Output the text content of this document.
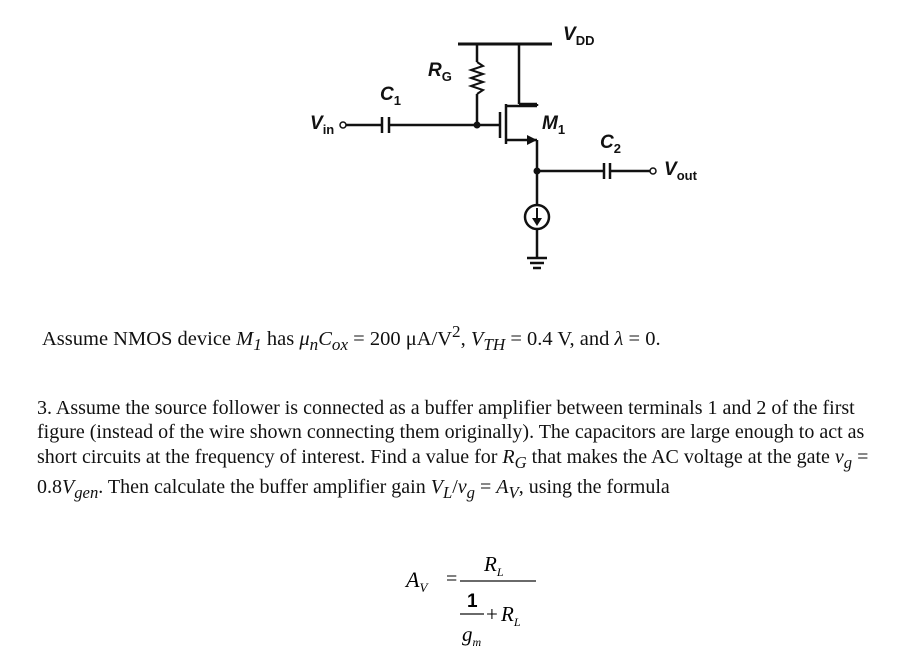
$V_{DD}$
$R_G$
$C_1$
$M_1$
$C_2$
$V_{in}$
$V_{out}$
Assume NMOS device $M_1$ has $\mu_nC_{ox} = 200$ $\mu A/V^2$, $V_{TH} = 0.4$ V, and λ = 0.
3. Assume the source follower is connected as a buffer amplifier between terminals 1 and 2 of the first figure (instead of the wire shown connecting them originally). The capacitors are large enough to act as short circuits at the frequency of interest. Find a value for $R_G$ that makes the AC voltage at the gate $v_g = 0.8V_{gen}$. Then calculate the buffer amplifier gain $V_L/v_g = A_V$, using the formula
$A_V$ =
$R_L$
1
+ $R_L$
$g_m$
